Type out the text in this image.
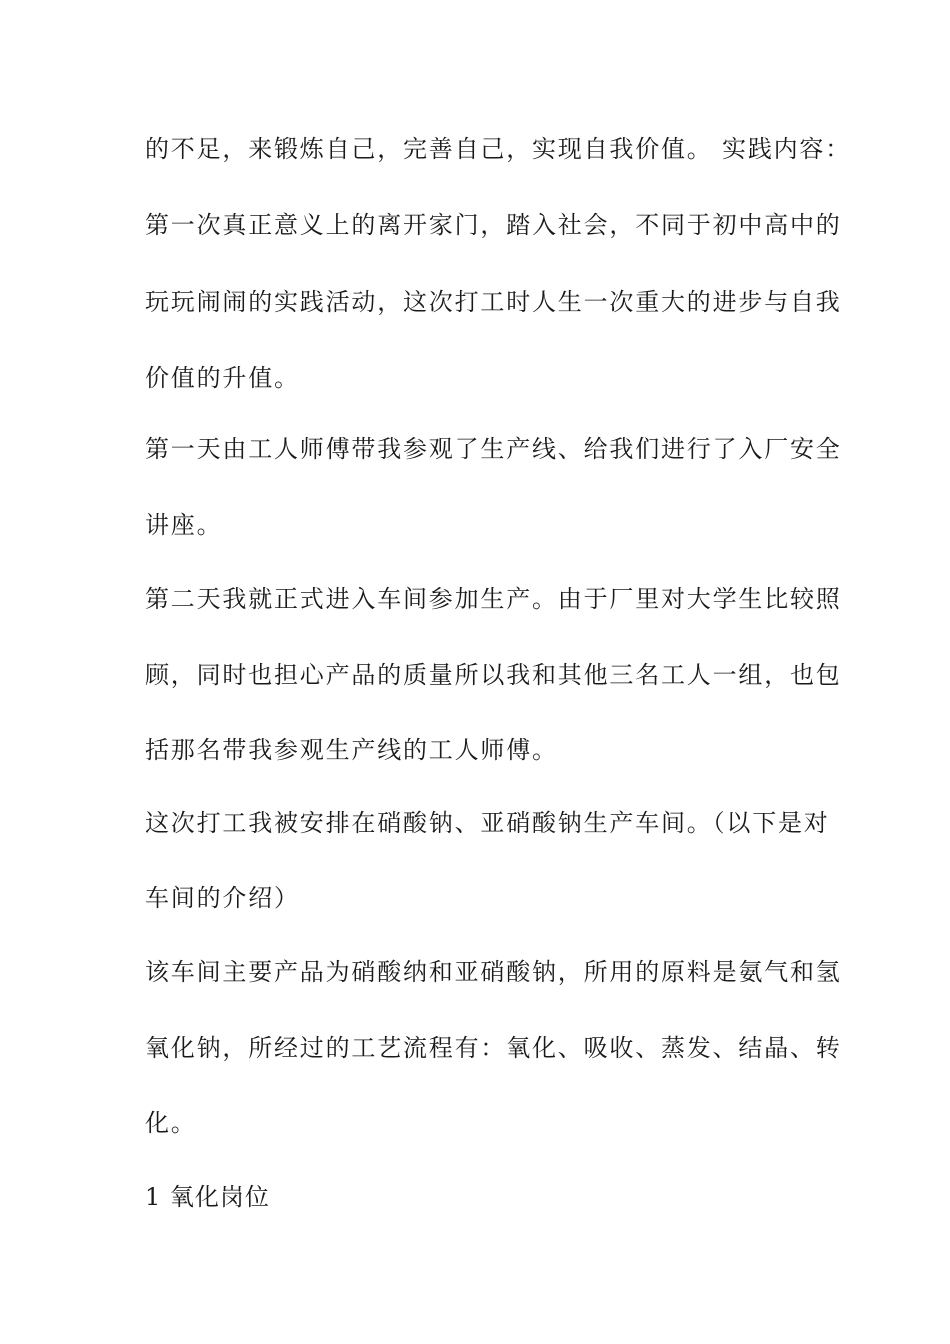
的不足，来锻炼自己，完善自己，实现自我价值。 实践内容：
第一次真正意义上的离开家门，踏入社会，不同于初中高中的
玩玩闹闹的实践活动，这次打工时人生一次重大的进步与自我
价值的升值。
第一天由工人师傅带我参观了生产线、给我们进行了入厂安全
讲座。
第二天我就正式进入车间参加生产。由于厂里对大学生比较照
顾，同时也担心产品的质量所以我和其他三名工人一组，也包
括那名带我参观生产线的工人师傅。
这次打工我被安排在硝酸钠、亚硝酸钠生产车间。（以下是对
车间的介绍）
该车间主要产品为硝酸纳和亚硝酸钠，所用的原料是氨气和氢
氧化钠，所经过的工艺流程有：氧化、吸收、蒸发、结晶、转
化。
1 氧化岗位
